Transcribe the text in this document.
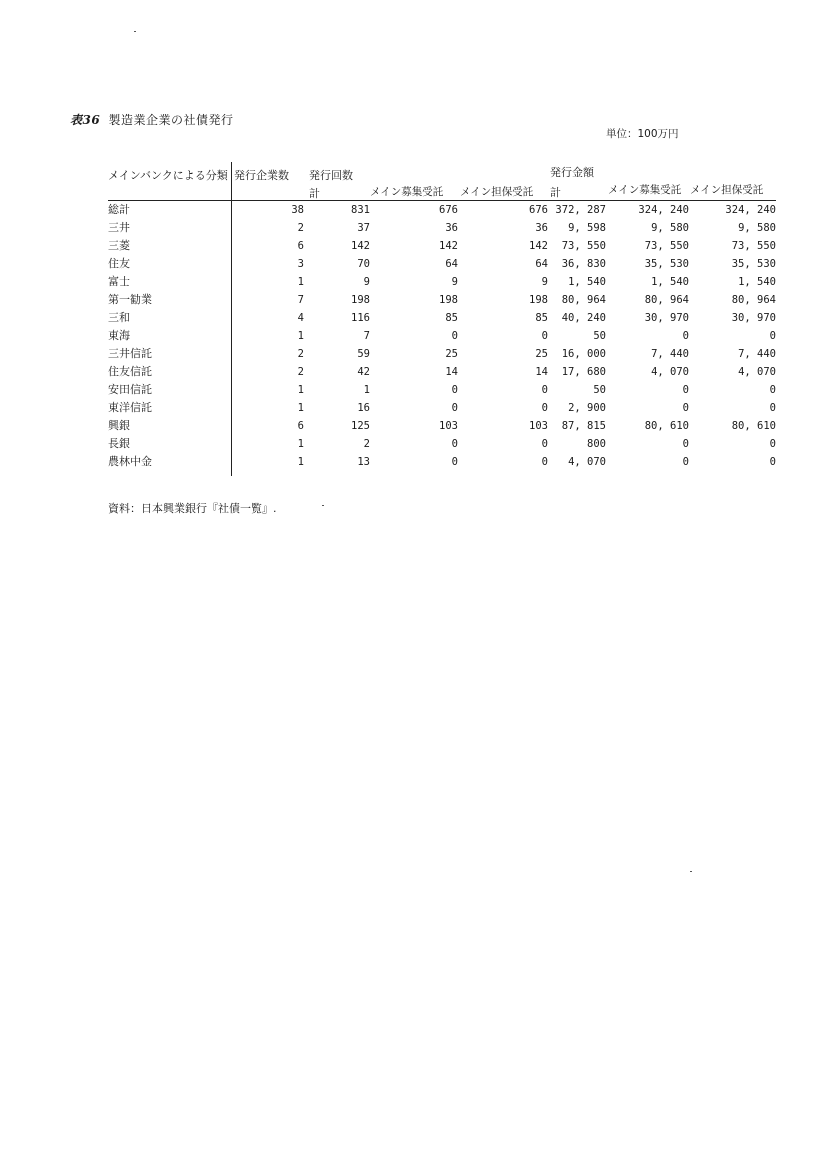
表36 製造業企業の社債発行
単位：100万円
メインバンクによる分類 発行企業数 発行回数	発行金額
計	メイン募集受託 メイン担保受託 計	メイン募集受託 メイン担保受託
総計	38	831	676	676	372, 287	324, 240	324, 240
三井	2	37	36	36	9, 598	9, 580	9, 580
三菱	6	142	142	142	73, 550	73, 550	73, 550
住友	3	70	64	64	36, 830	35, 530	35, 530
富士	1	9	9	9	1, 540	1, 540	1, 540
第一勧業	7	198	198	198	80, 964	80, 964	80, 964
三和	4	116	85	85	40, 240	30, 970	30, 970
東海	1	7	0	0	50	0	0
三井信託	2	59	25	25	16, 000	7, 440	7, 440
住友信託	2	42	14	14	17, 680	4, 070	4, 070
安田信託	1	1	0	0	50	0	0
東洋信託	1	16	0	0	2, 900	0	0
興銀	6	125	103	103	87, 815	80, 610	80, 610
長銀	1	2	0	0	800	0	0
農林中金	1	13	0	0	4, 070	0	0
資料：日本興業銀行『社債一覧』.
